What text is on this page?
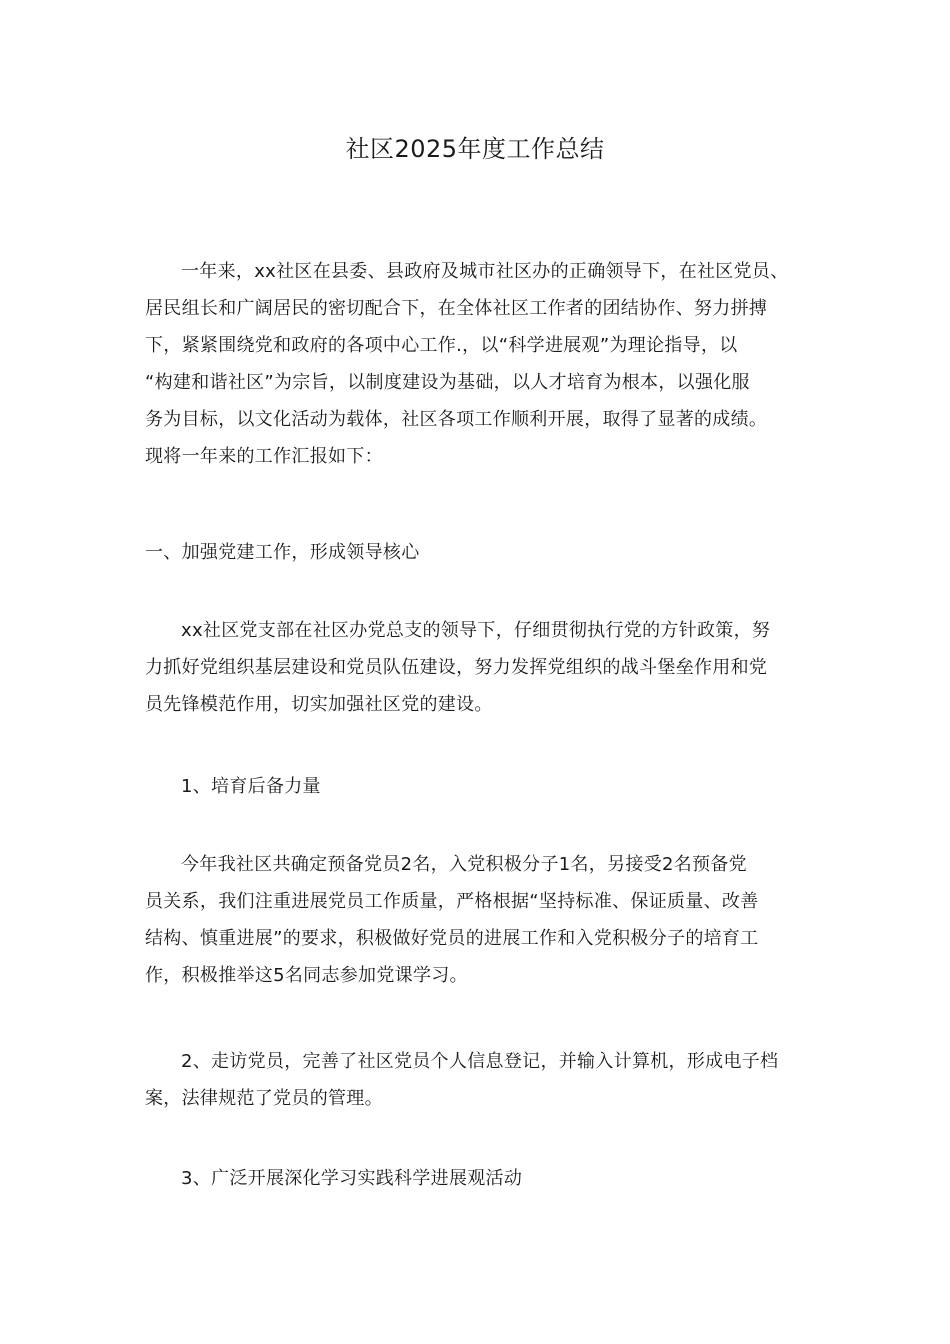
社区2025年度工作总结

一年来，xx社区在县委、县政府及城市社区办的正确领导下，在社区党员、
居民组长和广阔居民的密切配合下，在全体社区工作者的团结协作、努力拼搏
下，紧紧围绕党和政府的各项中心工作.，以“科学进展观”为理论指导，以
“构建和谐社区”为宗旨，以制度建设为基础，以人才培育为根本，以强化服
务为目标，以文化活动为载体，社区各项工作顺利开展，取得了显著的成绩。
现将一年来的工作汇报如下：

一、加强党建工作，形成领导核心

xx社区党支部在社区办党总支的领导下，仔细贯彻执行党的方针政策，努
力抓好党组织基层建设和党员队伍建设，努力发挥党组织的战斗堡垒作用和党
员先锋模范作用，切实加强社区党的建设。

1、培育后备力量

今年我社区共确定预备党员2名，入党积极分子1名，另接受2名预备党
员关系，我们注重进展党员工作质量，严格根据“坚持标准、保证质量、改善
结构、慎重进展”的要求，积极做好党员的进展工作和入党积极分子的培育工
作，积极推举这5名同志参加党课学习。

2、走访党员，完善了社区党员个人信息登记，并输入计算机，形成电子档
案，法律规范了党员的管理。

3、广泛开展深化学习实践科学进展观活动
